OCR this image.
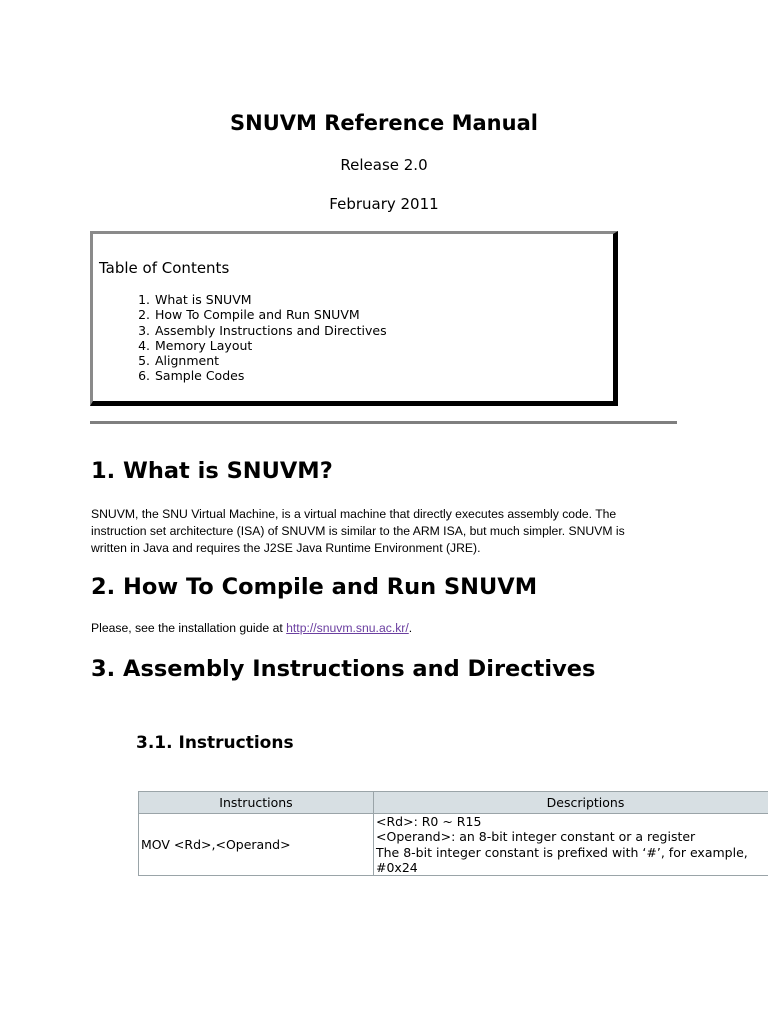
SNUVM Reference Manual

Release 2.0

February 2011

Table of Contents

1. What is SNUVM
2. How To Compile and Run SNUVM
3. Assembly Instructions and Directives
4. Memory Layout
5. Alignment
6. Sample Codes
1. What is SNUVM?
SNUVM, the SNU Virtual Machine, is a virtual machine that directly executes assembly code. The
instruction set architecture (ISA) of SNUVM is similar to the ARM ISA, but much simpler. SNUVM is
written in Java and requires the J2SE Java Runtime Environment (JRE).
2. How To Compile and Run SNUVM

Please, see the installation guide at http://snuvm.snu.ac.kr/.

3. Assembly Instructions and Directives
3.1. Instructions
Instructions	Descriptions
MOV <Rd>,<Operand>	<Rd>: R0 ~ R15
<Operand>: an 8-bit integer constant or a register
The 8-bit integer constant is prefixed with ‘#’, for example,
#0x24
